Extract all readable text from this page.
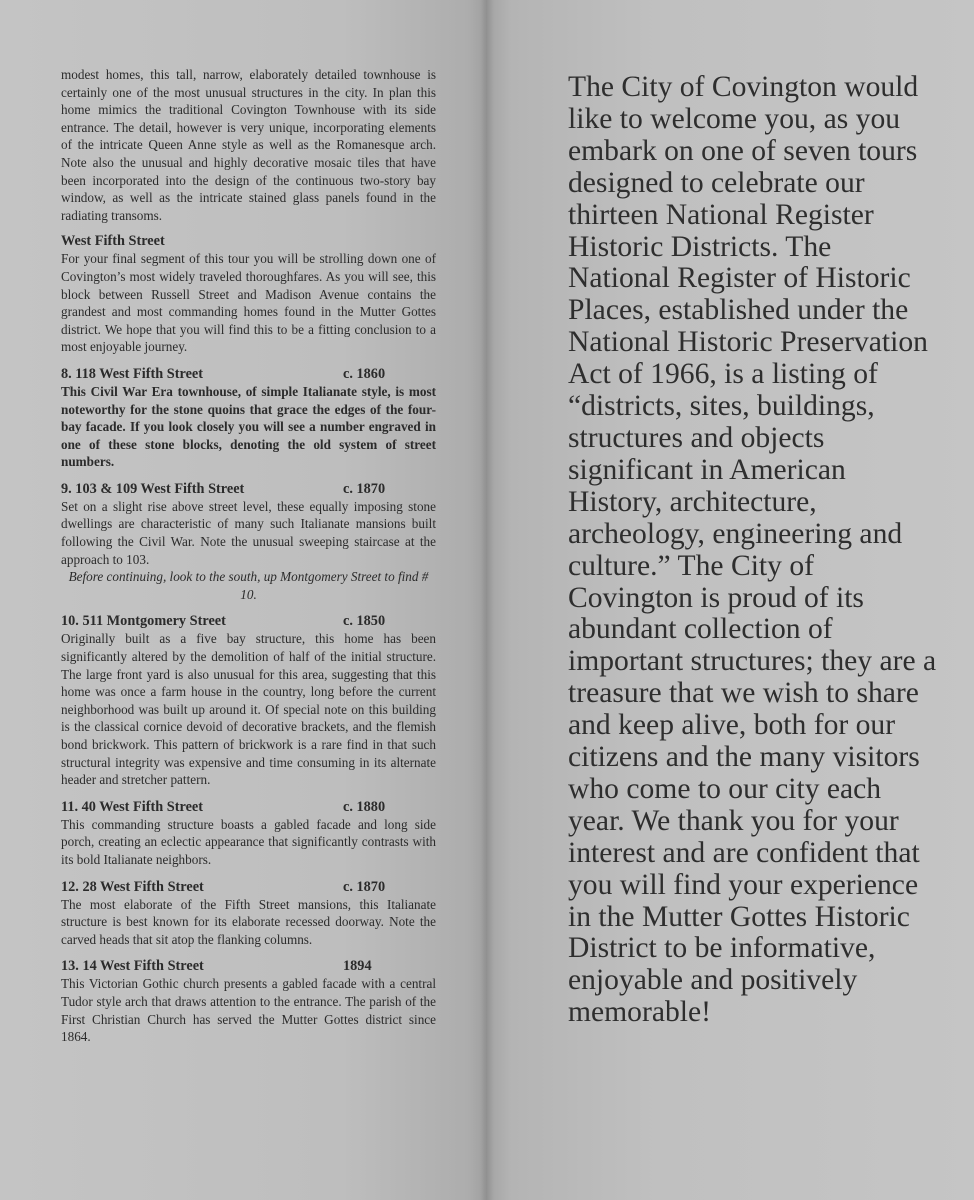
modest homes, this tall, narrow, elaborately detailed townhouse is certainly one of the most unusual structures in the city. In plan this home mimics the traditional Covington Townhouse with its side entrance. The detail, however is very unique, incorporating elements of the intricate Queen Anne style as well as the Romanesque arch. Note also the unusual and highly decorative mosaic tiles that have been incorporated into the design of the continuous two-story bay window, as well as the intricate stained glass panels found in the radiating transoms.

West Fifth Street

For your final segment of this tour you will be strolling down one of Covington’s most widely traveled thoroughfares. As you will see, this block between Russell Street and Madison Avenue contains the grandest and most commanding homes found in the Mutter Gottes district. We hope that you will find this to be a fitting conclusion to a most enjoyable journey.

8. 118 West Fifth Street	c. 1860

This Civil War Era townhouse, of simple Italianate style, is most noteworthy for the stone quoins that grace the edges of the four-bay facade. If you look closely you will see a number engraved in one of these stone blocks, denoting the old system of street numbers.

9. 103 & 109 West Fifth Street	c. 1870

Set on a slight rise above street level, these equally imposing stone dwellings are characteristic of many such Italianate mansions built following the Civil War. Note the unusual sweeping staircase at the approach to 103.

Before continuing, look to the south, up Montgomery Street to find # 10.

10. 511 Montgomery Street	c. 1850

Originally built as a five bay structure, this home has been significantly altered by the demolition of half of the initial structure. The large front yard is also unusual for this area, suggesting that this home was once a farm house in the country, long before the current neighborhood was built up around it. Of special note on this building is the classical cornice devoid of decorative brackets, and the flemish bond brickwork. This pattern of brickwork is a rare find in that such structural integrity was expensive and time consuming in its alternate header and stretcher pattern.

11. 40 West Fifth Street	c. 1880

This commanding structure boasts a gabled facade and long side porch, creating an eclectic appearance that significantly contrasts with its bold Italianate neighbors.

12. 28 West Fifth Street	c. 1870

The most elaborate of the Fifth Street mansions, this Italianate structure is best known for its elaborate recessed doorway. Note the carved heads that sit atop the flanking columns.

13. 14 West Fifth Street	1894

This Victorian Gothic church presents a gabled facade with a central Tudor style arch that draws attention to the entrance. The parish of the First Christian Church has served the Mutter Gottes district since 1864.

The City of Covington would like to welcome you, as you embark on one of seven tours designed to celebrate our thirteen National Register Historic Districts. The National Register of Historic Places, established under the National Historic Preservation Act of 1966, is a listing of “districts, sites, buildings, structures and objects significant in American History, architecture, archeology, engineering and culture.” The City of Covington is proud of its abundant collection of important structures; they are a treasure that we wish to share and keep alive, both for our citizens and the many visitors who come to our city each year. We thank you for your interest and are confident that you will find your experience in the Mutter Gottes Historic District to be informative, enjoyable and positively memorable!
